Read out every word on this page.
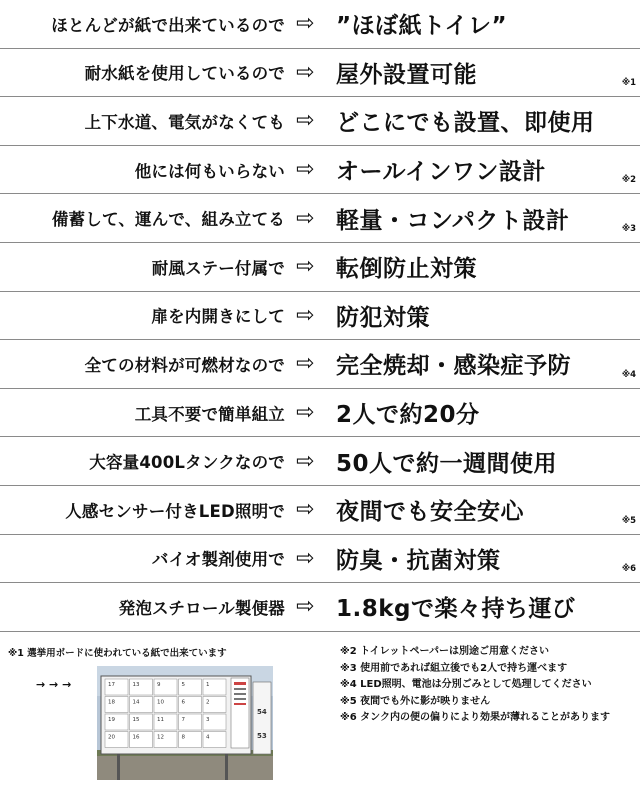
ほとんどが紙で出来ているので ⇨ ”ほぼ紙トイレ”
耐水紙を使用しているので ⇨ 屋外設置可能	※1
上下水道、電気がなくても ⇨ どこにでも設置、即使用
他には何もいらない ⇨ オールインワン設計	※2
備蓄して、運んで、組み立てる ⇨ 軽量・コンパクト設計	※3
耐風ステー付属で ⇨ 転倒防止対策
扉を内開きにして ⇨ 防犯対策
全ての材料が可燃材なので ⇨ 完全焼却・感染症予防	※4
工具不要で簡単組立 ⇨ 2人で約20分
大容量400Lタンクなので ⇨ 50人で約一週間使用
人感センサー付きLED照明で ⇨ 夜間でも安全安心	※5
バイオ製剤使用で ⇨ 防臭・抗菌対策	※6
発泡スチロール製便器 ⇨ 1.8kgで楽々持ち運び
※1 選挙用ボードに使われている紙で出来ています
→ → →	17	13	9	5	1
18	14	10	6	2
19	15	11	7	3
20	16	12	8	4
54
53
※2 トイレットペーパーは別途ご用意ください
※3 使用前であれば組立後でも2人で持ち運べます
※4 LED照明、電池は分別ごみとして処理してください
※5 夜間でも外に影が映りません
※6 タンク内の便の偏りにより効果が薄れることがあります
